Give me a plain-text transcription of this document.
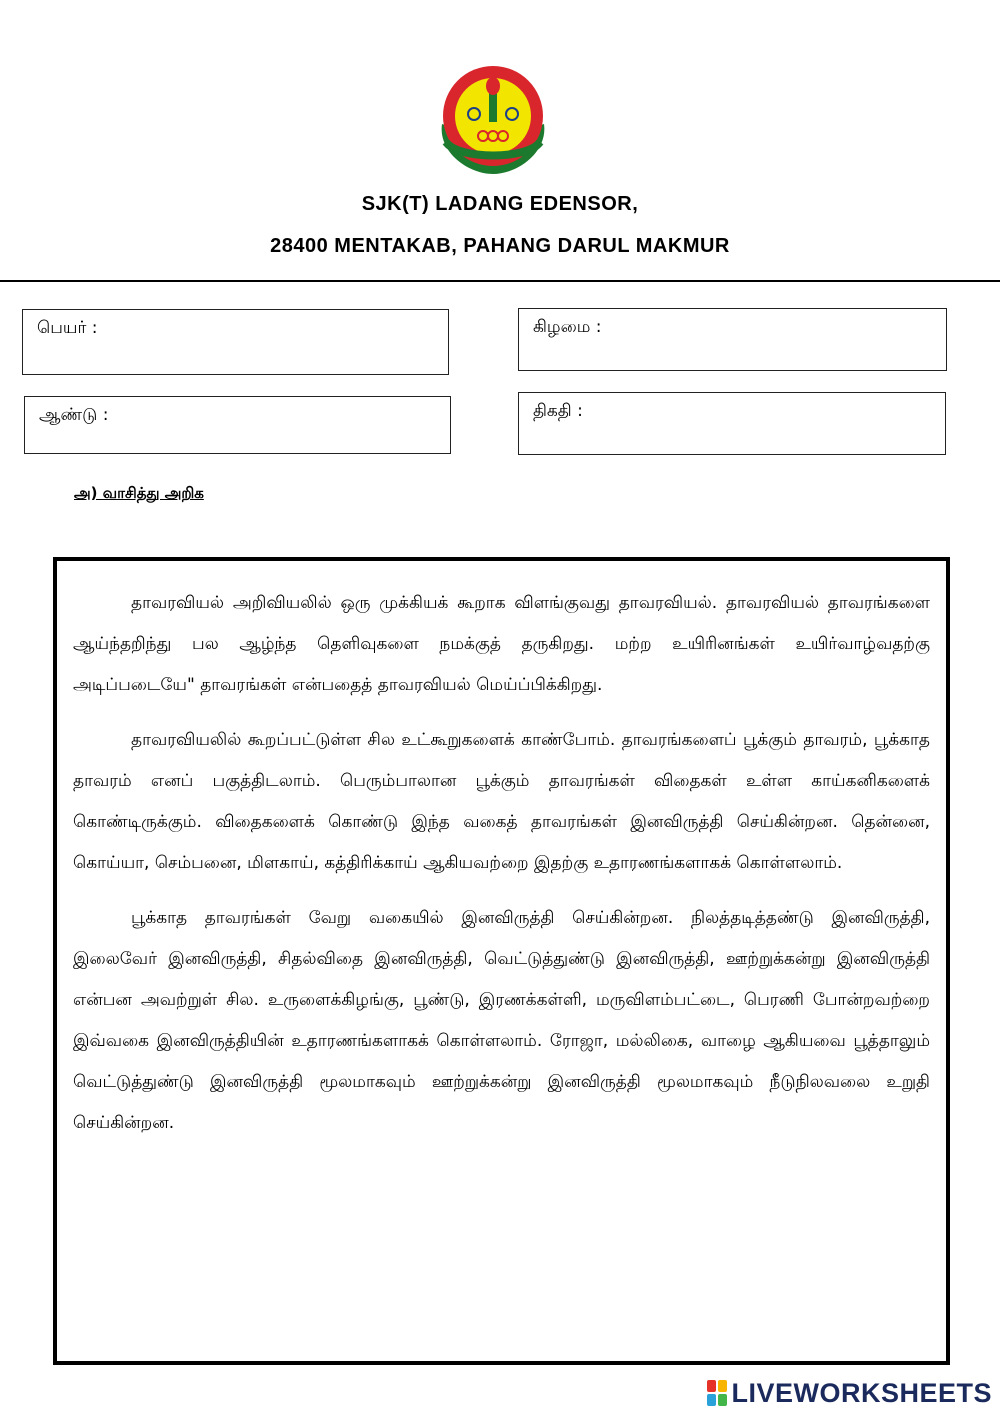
SJK(T) LADANG EDENSOR,
28400 MENTAKAB, PAHANG DARUL MAKMUR
பெயர் :	கிழமை :
ஆண்டு :	திகதி :
அ) வாசித்து அறிக

தாவரவியல் அறிவியலில் ஒரு முக்கியக் கூறாக விளங்குவது தாவரவியல். தாவரவியல் தாவரங்களை ஆய்ந்தறிந்து பல ஆழ்ந்த தெளிவுகளை நமக்குத் தருகிறது. மற்ற உயிரினங்கள் உயிர்வாழ்வதற்கு அடிப்படையே" தாவரங்கள் என்பதைத் தாவரவியல் மெய்ப்பிக்கிறது.

தாவரவியலில் கூறப்பட்டுள்ள சில உட்கூறுகளைக் காண்போம். தாவரங்களைப் பூக்கும் தாவரம், பூக்காத தாவரம் எனப் பகுத்திடலாம். பெரும்பாலான பூக்கும் தாவரங்கள் விதைகள் உள்ள காய்கனிகளைக் கொண்டிருக்கும். விதைகளைக் கொண்டு இந்த வகைத் தாவரங்கள் இனவிருத்தி செய்கின்றன. தென்னை, கொய்யா, செம்பனை, மிளகாய், கத்திரிக்காய் ஆகியவற்றை இதற்கு உதாரணங்களாகக் கொள்ளலாம்.

பூக்காத தாவரங்கள் வேறு வகையில் இனவிருத்தி செய்கின்றன. நிலத்தடித்தண்டு இனவிருத்தி, இலைவேர் இனவிருத்தி, சிதல்விதை இனவிருத்தி, வெட்டுத்துண்டு இனவிருத்தி, ஊற்றுக்கன்று இனவிருத்தி என்பன அவற்றுள் சில. உருளைக்கிழங்கு, பூண்டு, இரணக்கள்ளி, மருவிளம்பட்டை, பெரணி போன்றவற்றை இவ்வகை இனவிருத்தியின் உதாரணங்களாகக் கொள்ளலாம். ரோஜா, மல்லிகை, வாழை ஆகியவை பூத்தாலும் வெட்டுத்துண்டு இனவிருத்தி மூலமாகவும் ஊற்றுக்கன்று இனவிருத்தி மூலமாகவும் நீடுநிலவலை உறுதி செய்கின்றன.

LIVEWORKSHEETS
